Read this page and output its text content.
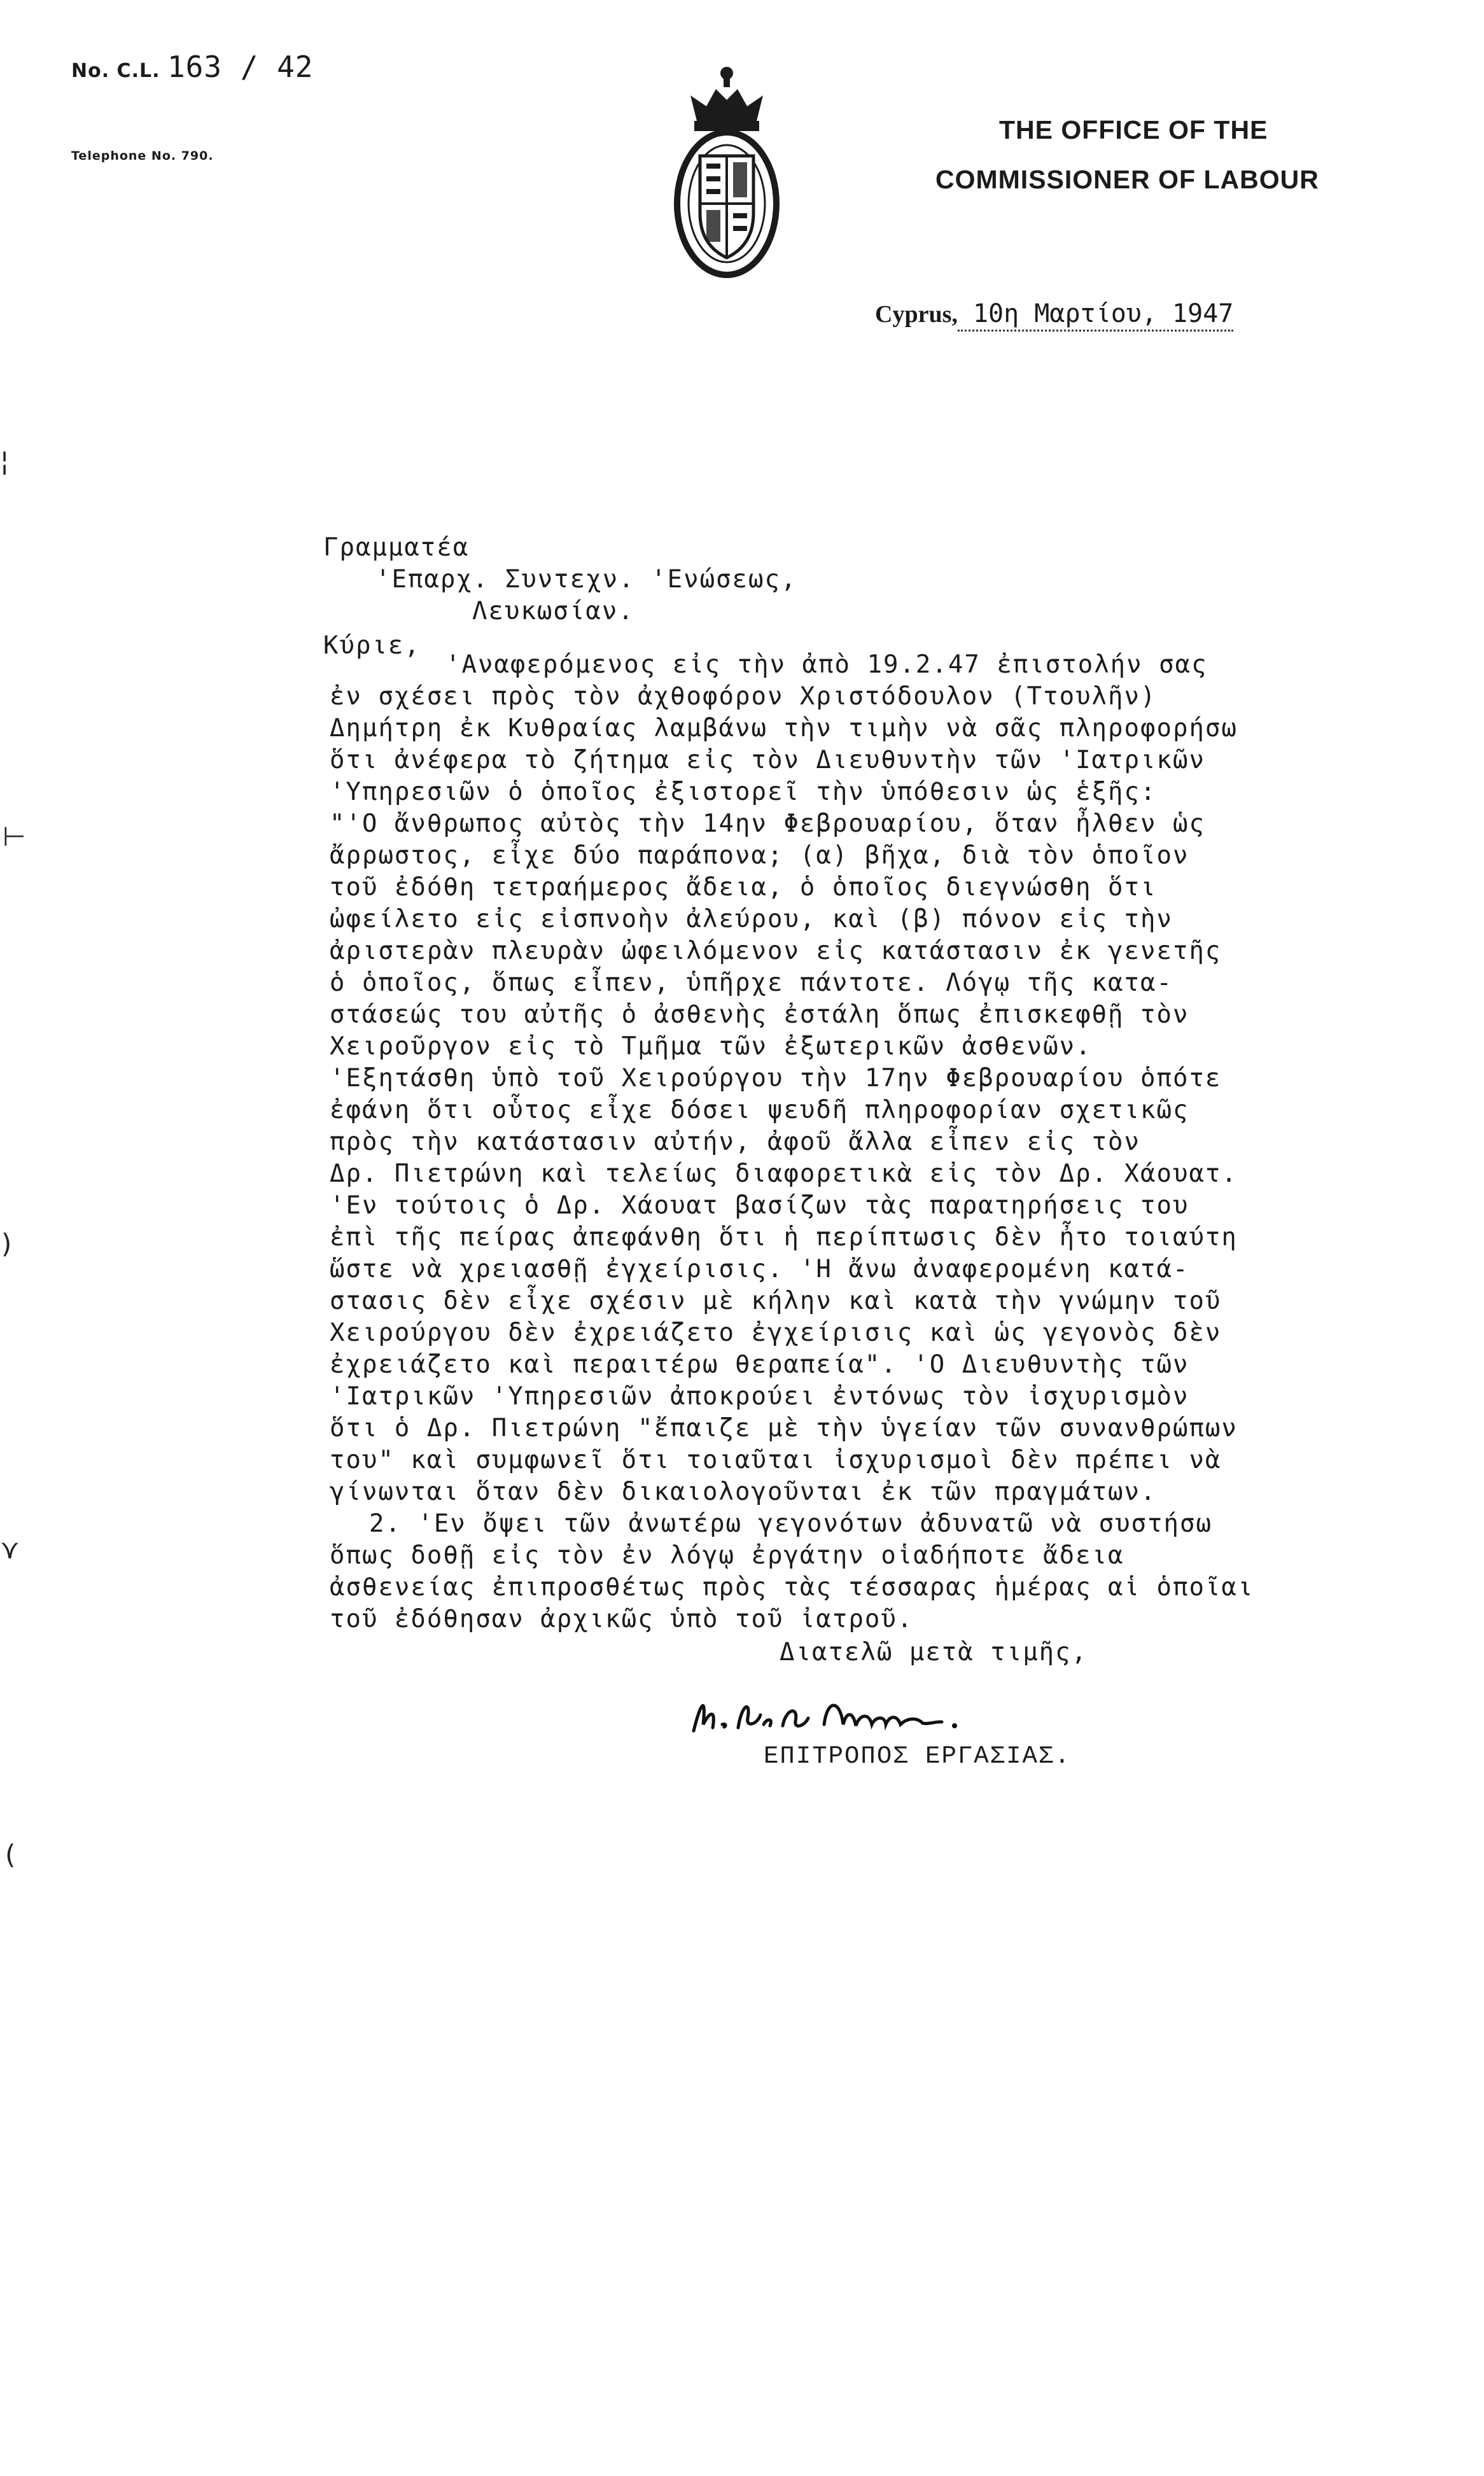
No. C.L. 163 / 42
Telephone No. 790.
THE OFFICE OF THE
COMMISSIONER OF LABOUR
Cyprus, 10η Μαρτίου, 1947
Γραμματέα
'Επαρχ. Συντεχν. 'Ενώσεως,
Λευκωσίαν.
Κύριε,
'Αναφερόμενος εἰς τὴν ἀπὸ 19.2.47 ἐπιστολήν σας
ἐν σχέσει πρὸς τὸν ἀχθοφόρον Χριστόδουλον (Ττουλῆν)
Δημήτρη ἐκ Κυθραίας λαμβάνω τὴν τιμὴν νὰ σᾶς πληροφορήσω
ὅτι ἀνέφερα τὸ ζήτημα εἰς τὸν Διευθυντὴν τῶν 'Ιατρικῶν
'Υπηρεσιῶν ὁ ὁποῖος ἐξιστορεῖ τὴν ὑπόθεσιν ὡς ἑξῆς:
"'Ο ἄνθρωπος αὐτὸς τὴν 14ην Φεβρουαρίου, ὅταν ἦλθεν ὡς
ἄρρωστος, εἶχε δύο παράπονα; (α) βῆχα, διὰ τὸν ὁποῖον
τοῦ ἐδόθη τετραήμερος ἄδεια, ὁ ὁποῖος διεγνώσθη ὅτι
ὠφείλετο εἰς εἰσπνοὴν ἀλεύρου, καὶ (β) πόνον εἰς τὴν
ἀριστερὰν πλευρὰν ὠφειλόμενον εἰς κατάστασιν ἐκ γενετῆς
ὁ ὁποῖος, ὅπως εἶπεν, ὑπῆρχε πάντοτε. Λόγῳ τῆς κατα-
στάσεώς του αὐτῆς ὁ ἀσθενὴς ἐστάλη ὅπως ἐπισκεφθῇ τὸν
Χειροῦργον εἰς τὸ Τμῆμα τῶν ἐξωτερικῶν ἀσθενῶν.
'Εξητάσθη ὑπὸ τοῦ Χειρούργου τὴν 17ην Φεβρουαρίου ὁπότε
ἐφάνη ὅτι οὗτος εἶχε δόσει ψευδῆ πληροφορίαν σχετικῶς
πρὸς τὴν κατάστασιν αὐτήν, ἀφοῦ ἄλλα εἶπεν εἰς τὸν
Δρ. Πιετρώνη καὶ τελείως διαφορετικὰ εἰς τὸν Δρ. Χάουατ.
'Εν τούτοις ὁ Δρ. Χάουατ βασίζων τὰς παρατηρήσεις του
ἐπὶ τῆς πείρας ἀπεφάνθη ὅτι ἡ περίπτωσις δὲν ἦτο τοιαύτη
ὥστε νὰ χρειασθῇ ἐγχείρισις. 'Η ἄνω ἀναφερομένη κατά-
στασις δὲν εἶχε σχέσιν μὲ κήλην καὶ κατὰ τὴν γνώμην τοῦ
Χειρούργου δὲν ἐχρειάζετο ἐγχείρισις καὶ ὡς γεγονὸς δὲν
ἐχρειάζετο καὶ περαιτέρω θεραπεία". 'Ο Διευθυντὴς τῶν
'Ιατρικῶν 'Υπηρεσιῶν ἀποκρούει ἐντόνως τὸν ἰσχυρισμὸν
ὅτι ὁ Δρ. Πιετρώνη "ἔπαιζε μὲ τὴν ὑγείαν τῶν συνανθρώπων
του" καὶ συμφωνεῖ ὅτι τοιαῦται ἰσχυρισμοὶ δὲν πρέπει νὰ
γίνωνται ὅταν δὲν δικαιολογοῦνται ἐκ τῶν πραγμάτων.
2. 'Εν ὄψει τῶν ἀνωτέρω γεγονότων ἀδυνατῶ νὰ συστήσω
ὅπως δοθῇ εἰς τὸν ἐν λόγῳ ἐργάτην οἱαδήποτε ἄδεια
ἀσθενείας ἐπιπροσθέτως πρὸς τὰς τέσσαρας ἡμέρας αἱ ὁποῖαι
τοῦ ἐδόθησαν ἀρχικῶς ὑπὸ τοῦ ἰατροῦ.
Διατελῶ μετὰ τιμῆς,
ΕΠΙΤΡΟΠΟΣ ΕΡΓΑΣΙΑΣ.
¦
⊢
)
⋎
(
